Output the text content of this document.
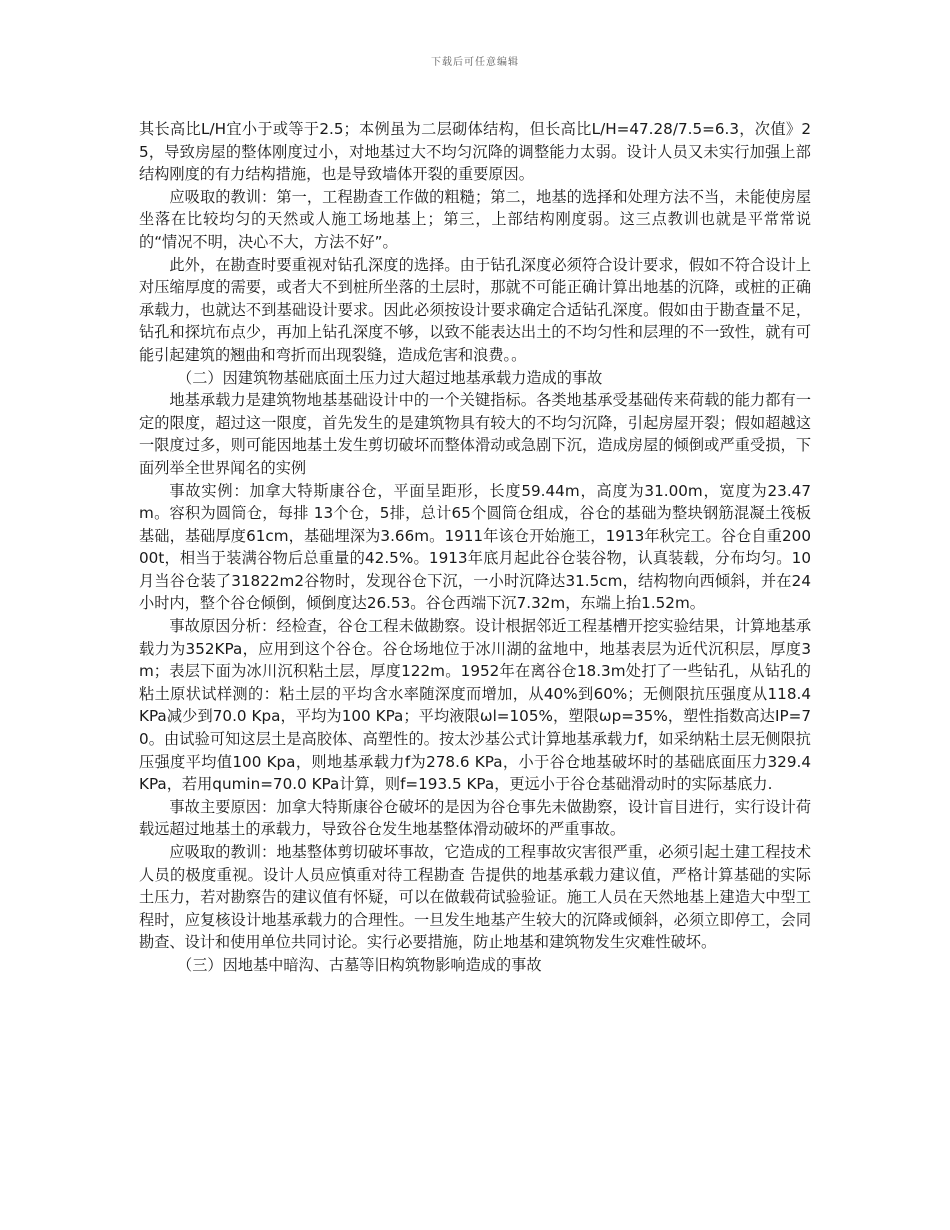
下载后可任意编辑

其长高比L/H宜小于或等于2.5；本例虽为二层砌体结构，但长高比L/H=47.28/7.5=6.3，次值》25，导致房屋的整体刚度过小，对地基过大不均匀沉降的调整能力太弱。设计人员又未实行加强上部结构刚度的有力结构措施，也是导致墙体开裂的重要原因。

应吸取的教训：第一，工程勘查工作做的粗糙；第二，地基的选择和处理方法不当，未能使房屋坐落在比较均匀的天然或人施工场地基上；第三，上部结构刚度弱。这三点教训也就是平常常说的“情况不明，决心不大，方法不好”。

此外，在勘查时要重视对钻孔深度的选择。由于钻孔深度必须符合设计要求，假如不符合设计上对压缩厚度的需要，或者大不到桩所坐落的土层时，那就不可能正确计算出地基的沉降，或桩的正确承载力，也就达不到基础设计要求。因此必须按设计要求确定合适钻孔深度。假如由于勘查量不足，钻孔和探坑布点少，再加上钻孔深度不够，以致不能表达出土的不均匀性和层理的不一致性，就有可能引起建筑的翘曲和弯折而出现裂缝，造成危害和浪费。。

（二）因建筑物基础底面土压力过大超过地基承载力造成的事故

地基承载力是建筑物地基基础设计中的一个关键指标。各类地基承受基础传来荷载的能力都有一定的限度，超过这一限度，首先发生的是建筑物具有较大的不均匀沉降，引起房屋开裂；假如超越这一限度过多，则可能因地基土发生剪切破坏而整体滑动或急剧下沉，造成房屋的倾倒或严重受损，下面列举全世界闻名的实例

事故实例：加拿大特斯康谷仓，平面呈距形，长度59.44m，高度为31.00m，宽度为23.47m。容积为圆筒仓，每排 13个仓，5排，总计65个圆筒仓组成，谷仓的基础为整块钢筋混凝土筏板基础，基础厚度61cm，基础埋深为3.66m。1911年该仓开始施工，1913年秋完工。谷仓自重20000t，相当于装满谷物后总重量的42.5%。1913年底月起此谷仓装谷物，认真装载，分布均匀。10月当谷仓装了31822m2谷物时，发现谷仓下沉，一小时沉降达31.5cm，结构物向西倾斜，并在24小时内，整个谷仓倾倒，倾倒度达26.53。谷仓西端下沉7.32m，东端上抬1.52m。

事故原因分析：经检查，谷仓工程未做勘察。设计根据邻近工程基槽开挖实验结果，计算地基承载力为352KPa，应用到这个谷仓。谷仓场地位于冰川湖的盆地中，地基表层为近代沉积层，厚度3m；表层下面为冰川沉积粘土层，厚度122m。1952年在离谷仓18.3m处打了一些钻孔，从钻孔的粘土原状试样测的：粘土层的平均含水率随深度而增加，从40%到60%；无侧限抗压强度从118.4 KPa减少到70.0 Kpa，平均为100 KPa；平均液限ωl=105%，塑限ωp=35%，塑性指数高达IP=70。由试验可知这层土是高胶体、高塑性的。按太沙基公式计算地基承载力f，如采纳粘土层无侧限抗压强度平均值100 Kpa，则地基承载力f为278.6 KPa，小于谷仓地基破坏时的基础底面压力329.4 KPa，若用qumin=70.0 KPa计算，则f=193.5 KPa，更远小于谷仓基础滑动时的实际基底力.

事故主要原因：加拿大特斯康谷仓破坏的是因为谷仓事先未做勘察，设计盲目进行，实行设计荷载远超过地基土的承载力，导致谷仓发生地基整体滑动破坏的严重事故。

应吸取的教训：地基整体剪切破坏事故，它造成的工程事故灾害很严重，必须引起土建工程技术人员的极度重视。设计人员应慎重对待工程勘查 告提供的地基承载力建议值，严格计算基础的实际土压力，若对勘察告的建议值有怀疑，可以在做载荷试验验证。施工人员在天然地基上建造大中型工程时，应复核设计地基承载力的合理性。一旦发生地基产生较大的沉降或倾斜，必须立即停工，会同勘查、设计和使用单位共同讨论。实行必要措施，防止地基和建筑物发生灾难性破坏。

（三）因地基中暗沟、古墓等旧构筑物影响造成的事故
